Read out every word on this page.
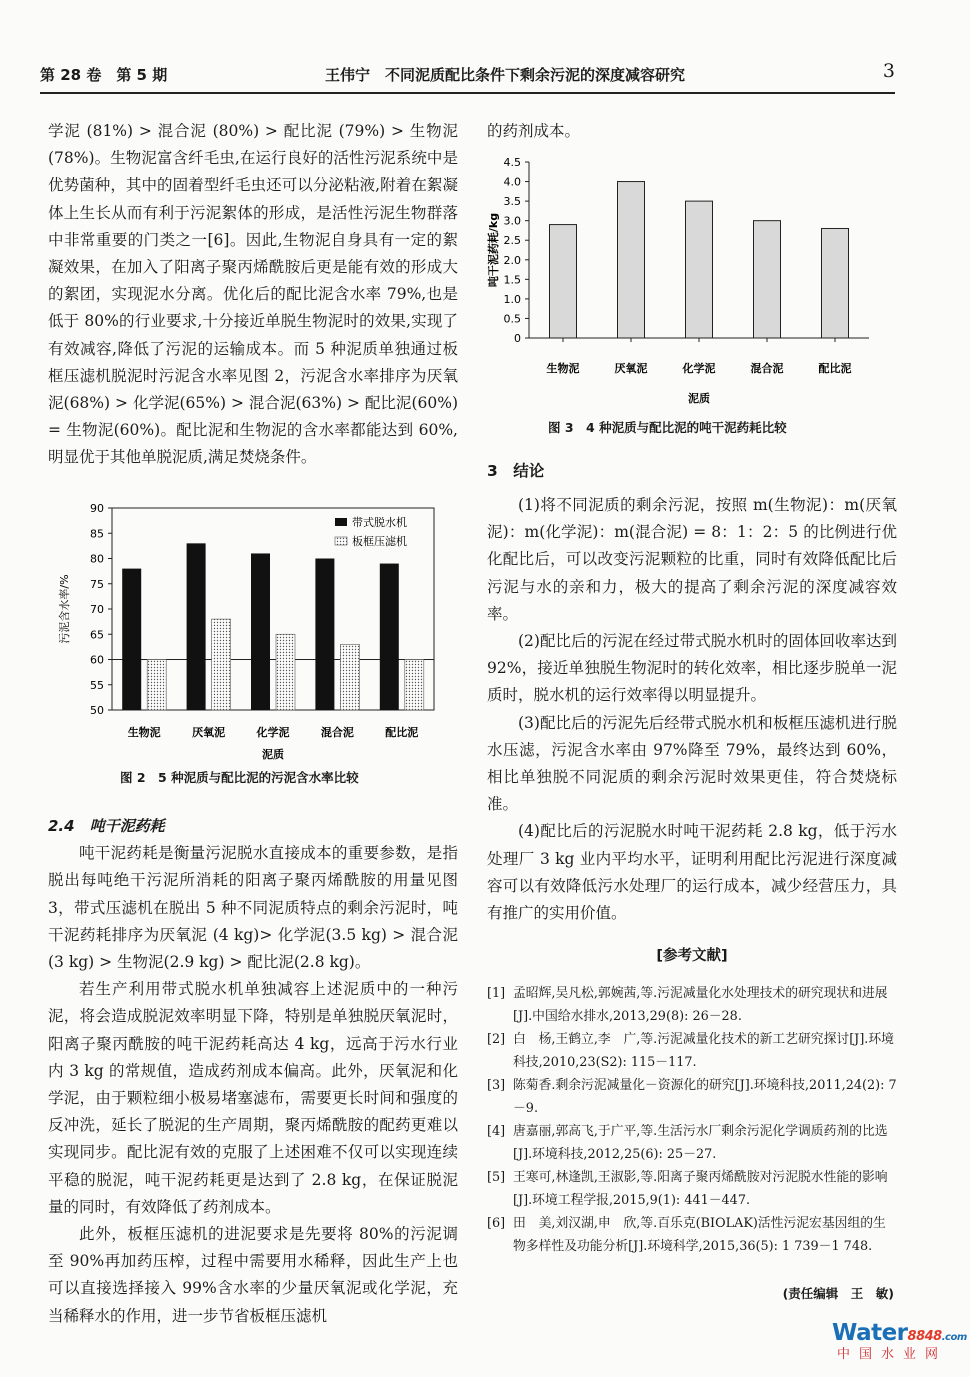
第 28 卷　第 5 期	王伟宁　不同泥质配比条件下剩余污泥的深度减容研究	3

学泥 (81%) > 混合泥 (80%) > 配比泥 (79%) > 生物泥 (78%)。生物泥富含纤毛虫,在运行良好的活性污泥系统中是优势菌种，其中的固着型纤毛虫还可以分泌粘液,附着在絮凝体上生长从而有利于污泥絮体的形成，是活性污泥生物群落中非常重要的门类之一[6]。因此,生物泥自身具有一定的絮凝效果，在加入了阳离子聚丙烯酰胺后更是能有效的形成大的絮团，实现泥水分离。优化后的配比泥含水率 79%,也是低于 80%的行业要求,十分接近单脱生物泥时的效果,实现了有效减容,降低了污泥的运输成本。而 5 种泥质单独通过板框压滤机脱泥时污泥含水率见图 2，污泥含水率排序为厌氧泥(68%) > 化学泥(65%) > 混合泥(63%) > 配比泥(60%) = 生物泥(60%)。配比泥和生物泥的含水率都能达到 60%,明显优于其他单脱泥质,满足焚烧条件。

50
55
60
65
70
75
80
85
90
生物泥	厌氧泥	化学泥	混合泥	配比泥
泥质
污泥含水率/%
带式脱水机
板框压滤机
图 2　5 种泥质与配比泥的污泥含水率比较
2.4　吨干泥药耗

吨干泥药耗是衡量污泥脱水直接成本的重要参数，是指脱出每吨绝干污泥所消耗的阳离子聚丙烯酰胺的用量见图 3，带式压滤机在脱出 5 种不同泥质特点的剩余污泥时，吨干泥药耗排序为厌氧泥 (4 kg)> 化学泥(3.5 kg) > 混合泥(3 kg) > 生物泥(2.9 kg) > 配比泥(2.8 kg)。

若生产利用带式脱水机单独减容上述泥质中的一种污泥，将会造成脱泥效率明显下降，特别是单独脱厌氧泥时，阳离子聚丙酰胺的吨干泥药耗高达 4 kg，远高于污水行业内 3 kg 的常规值，造成药剂成本偏高。此外，厌氧泥和化学泥，由于颗粒细小极易堵塞滤布，需要更长时间和强度的反冲洗，延长了脱泥的生产周期，聚丙烯酰胺的配药更难以实现同步。配比泥有效的克服了上述困难不仅可以实现连续平稳的脱泥，吨干泥药耗更是达到了 2.8 kg，在保证脱泥量的同时，有效降低了药剂成本。

此外，板框压滤机的进泥要求是先要将 80%的污泥调至 90%再加药压榨，过程中需要用水稀释，因此生产上也可以直接选择接入 99%含水率的少量厌氧泥或化学泥，充当稀释水的作用，进一步节省板框压滤机

的药剂成本。

0
0.5
1.0
1.5
2.0
2.5
3.0
3.5
4.0
4.5
生物泥	厌氧泥	化学泥	混合泥	配比泥
泥质
吨干泥药耗/kg
图 3　4 种泥质与配比泥的吨干泥药耗比较
3　结论

(1)将不同泥质的剩余污泥，按照 m(生物泥)：m(厌氧泥)：m(化学泥)：m(混合泥) = 8：1：2：5 的比例进行优化配比后，可以改变污泥颗粒的比重，同时有效降低配比后污泥与水的亲和力，极大的提高了剩余污泥的深度减容效率。

(2)配比后的污泥在经过带式脱水机时的固体回收率达到 92%，接近单独脱生物泥时的转化效率，相比逐步脱单一泥质时，脱水机的运行效率得以明显提升。

(3)配比后的污泥先后经带式脱水机和板框压滤机进行脱水压滤，污泥含水率由 97%降至 79%，最终达到 60%，相比单独脱不同泥质的剩余污泥时效果更佳，符合焚烧标准。

(4)配比后的污泥脱水时吨干泥药耗 2.8 kg，低于污水处理厂 3 kg 业内平均水平，证明利用配比污泥进行深度减容可以有效降低污水处理厂的运行成本，减少经营压力，具有推广的实用价值。

[参考文献]
[1] 孟昭辉,吴凡松,郭婉茜,等.污泥减量化水处理技术的研究现状和进展[J].中国给水排水,2013,29(8): 26－28.
[2] 白　杨,王鹤立,李　广,等.污泥减量化技术的新工艺研究探讨[J].环境科技,2010,23(S2): 115－117.
[3] 陈菊香.剩余污泥减量化－资源化的研究[J].环境科技,2011,24(2): 7－9.
[4] 唐嘉丽,郭高飞,于广平,等.生活污水厂剩余污泥化学调质药剂的比选[J].环境科技,2012,25(6): 25－27.
[5] 王寒可,林逢凯,王淑影,等.阳离子聚丙烯酰胺对污泥脱水性能的影响[J].环境工程学报,2015,9(1): 441－447.
[6] 田　美,刘汉湖,申　欣,等.百乐克(BIOLAK)活性污泥宏基因组的生物多样性及功能分析[J].环境科学,2015,36(5): 1 739－1 748.
(责任编辑　王　敏)
Water8848.com
中国水业网
